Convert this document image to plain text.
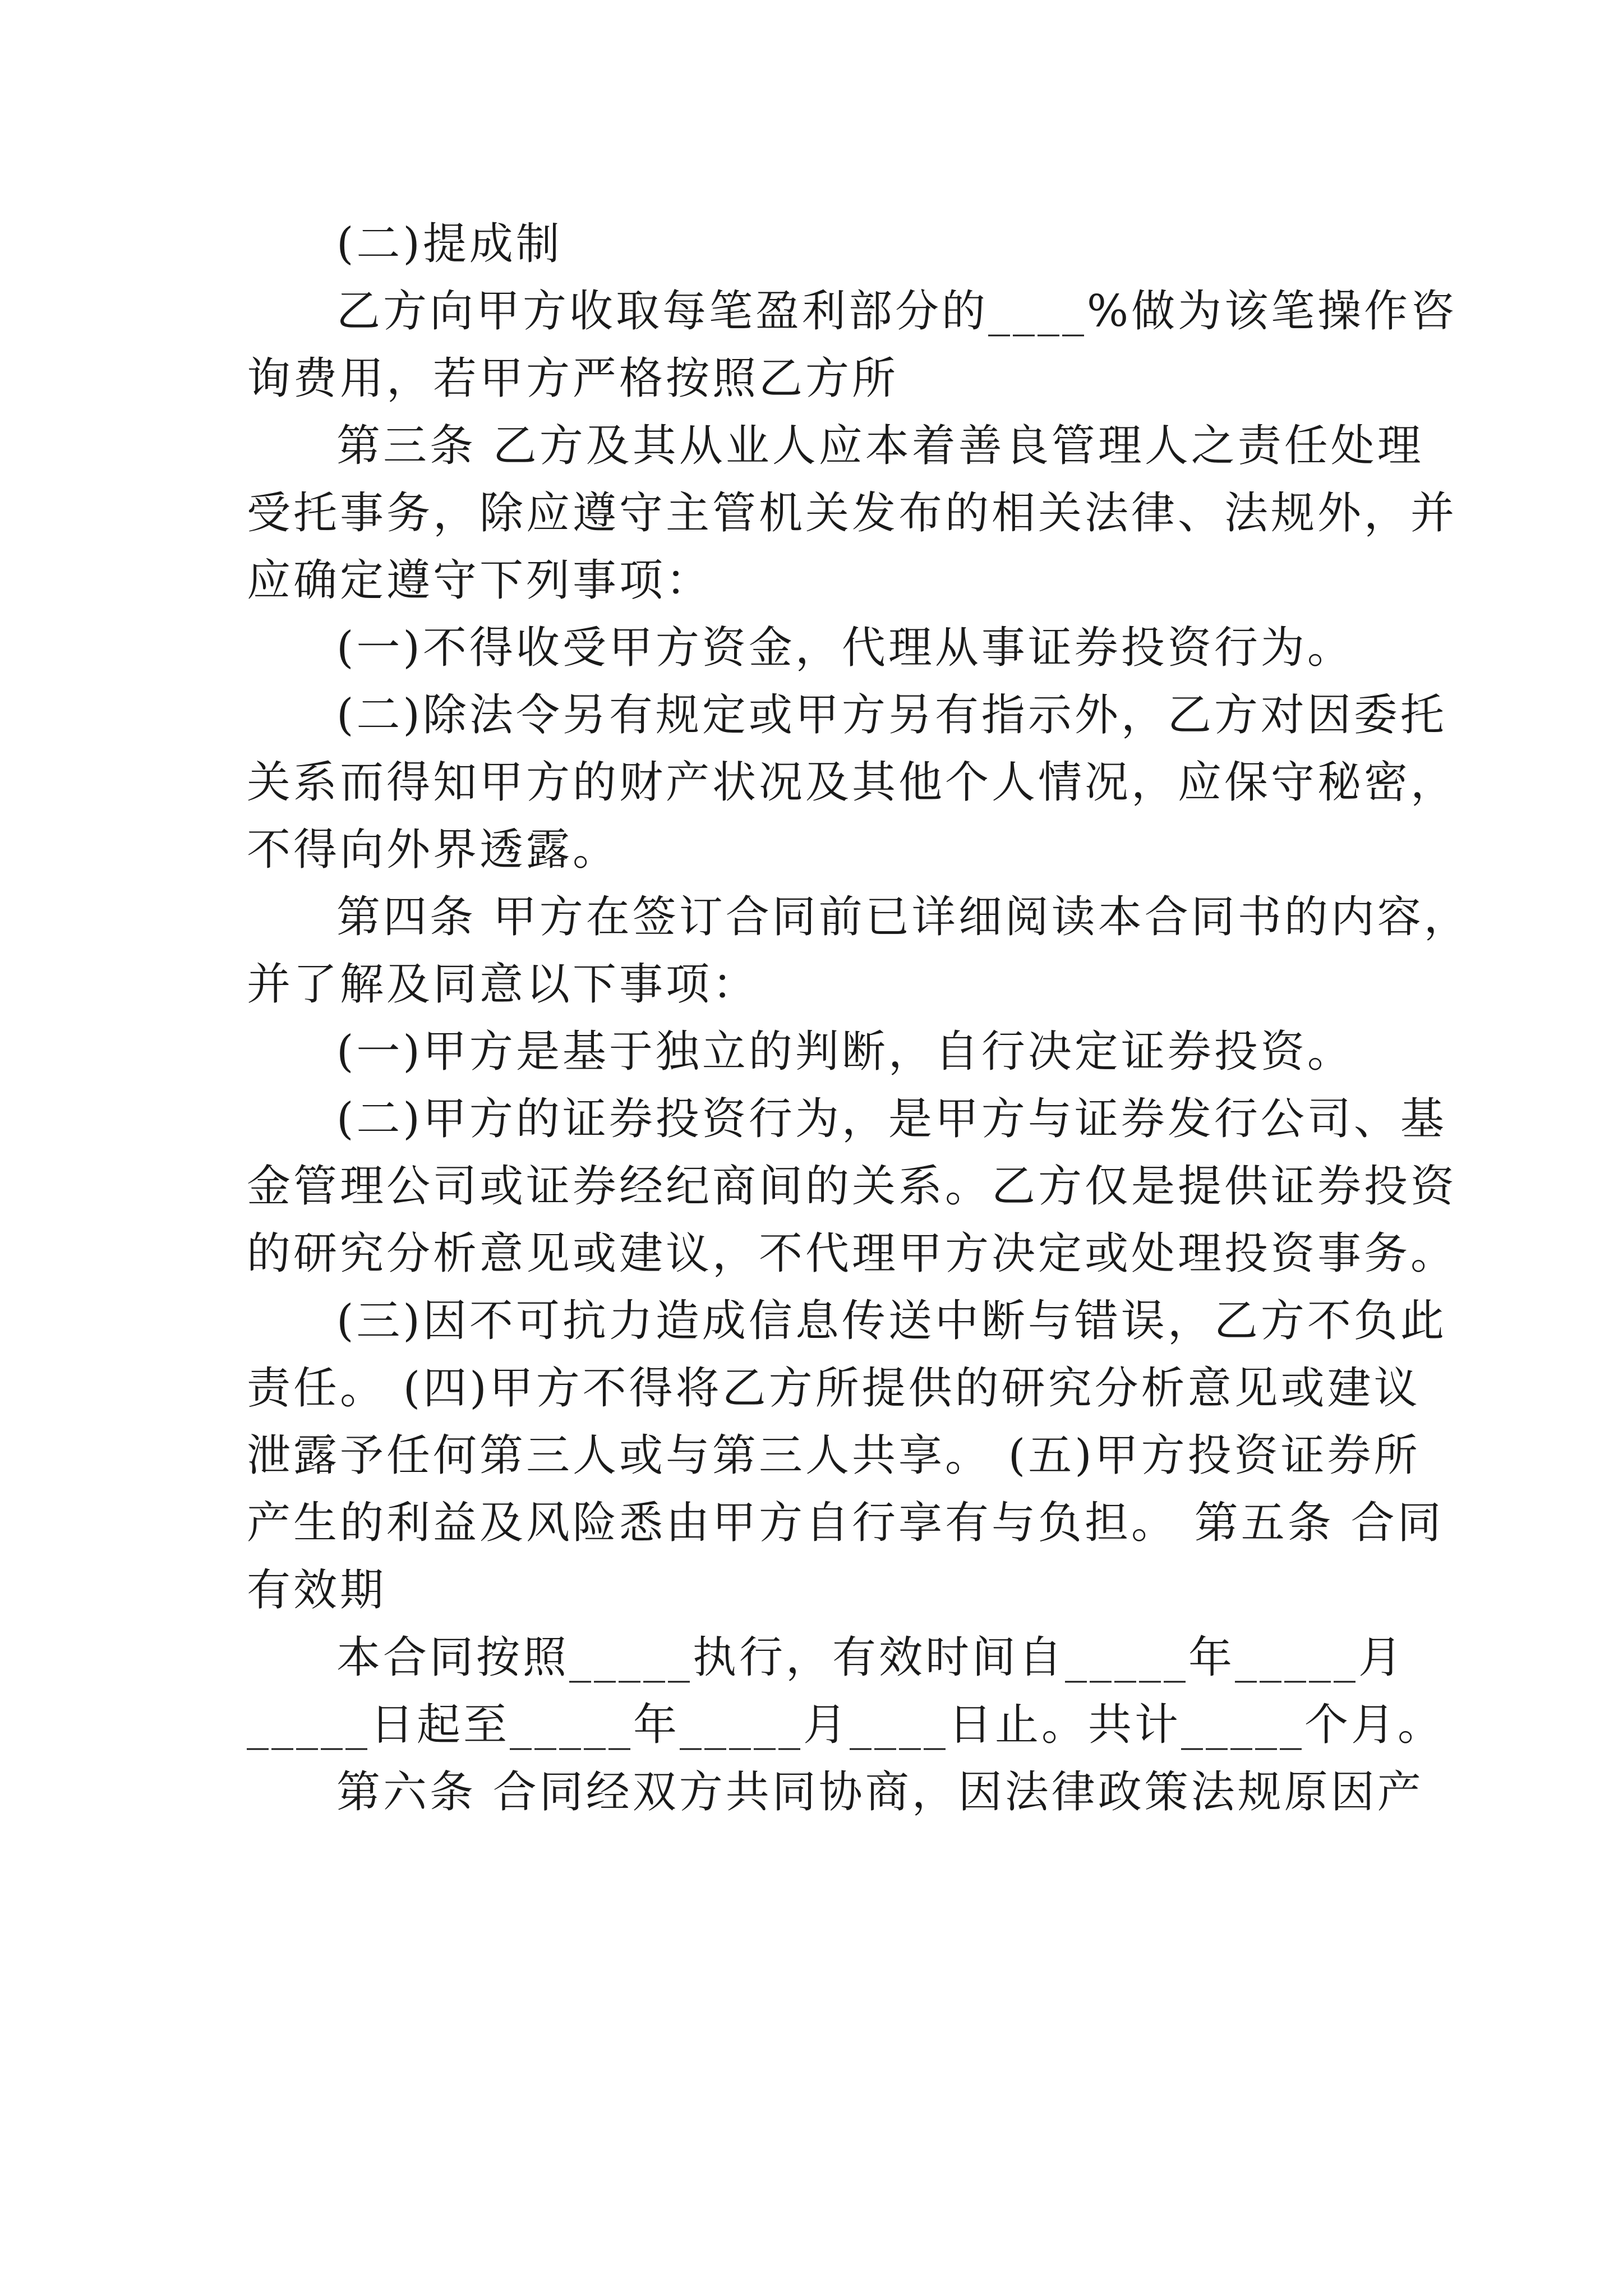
(二)提成制
乙方向甲方收取每笔盈利部分的____%做为该笔操作咨
询费用，若甲方严格按照乙方所
第三条 乙方及其从业人应本着善良管理人之责任处理
受托事务，除应遵守主管机关发布的相关法律、法规外，并
应确定遵守下列事项：
(一)不得收受甲方资金，代理从事证券投资行为。
(二)除法令另有规定或甲方另有指示外，乙方对因委托
关系而得知甲方的财产状况及其他个人情况，应保守秘密，
不得向外界透露。
第四条 甲方在签订合同前已详细阅读本合同书的内容，
并了解及同意以下事项：
(一)甲方是基于独立的判断，自行决定证券投资。
(二)甲方的证券投资行为，是甲方与证券发行公司、基
金管理公司或证券经纪商间的关系。乙方仅是提供证券投资
的研究分析意见或建议，不代理甲方决定或处理投资事务。
(三)因不可抗力造成信息传送中断与错误，乙方不负此
责任。 (四)甲方不得将乙方所提供的研究分析意见或建议
泄露予任何第三人或与第三人共享。 (五)甲方投资证券所
产生的利益及风险悉由甲方自行享有与负担。 第五条 合同
有效期
本合同按照_____执行，有效时间自_____年_____月
_____日起至_____年_____月____日止。共计_____个月。
第六条 合同经双方共同协商，因法律政策法规原因产
